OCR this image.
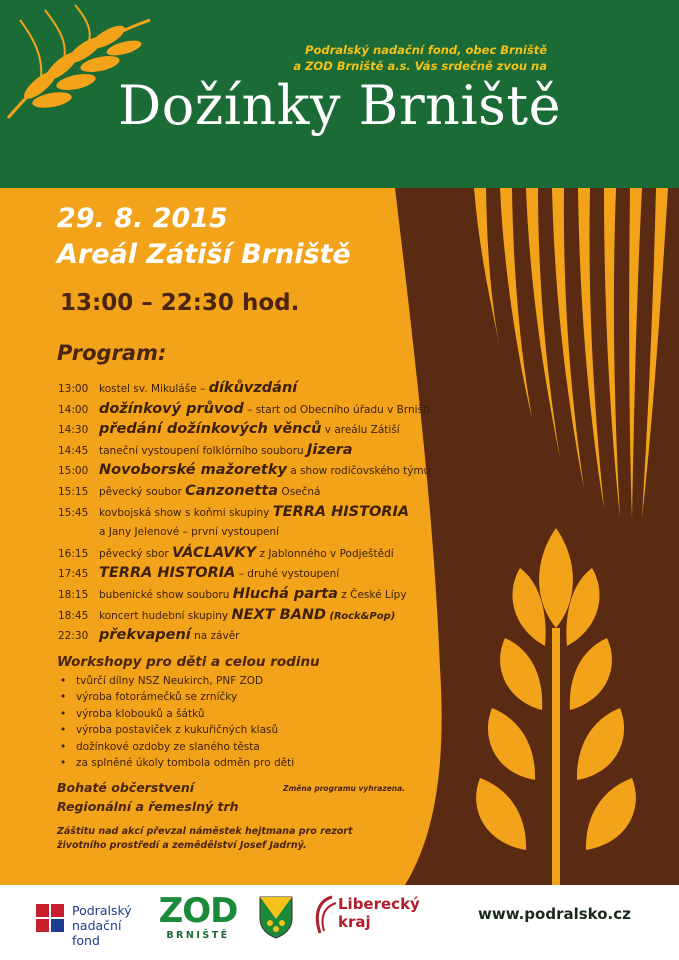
Podralský nadační fond, obec Brniště
a ZOD Brniště a.s. Vás srdečně zvou na
Dožínky Brniště
29. 8. 2015
Areál Zátiší Brniště
13:00 – 22:30 hod.
Program:
13:00 kostel sv. Mikuláše – díkůvzdání
14:00 dožínkový průvod – start od Obecního úřadu v Brništi
14:30 předání dožínkových věnců v areálu Zátiší
14:45 taneční vystoupení folklórního souboru Jizera
15:00 Novoborské mažoretky a show rodičovského týmu
15:15 pěvecký soubor Canzonetta Osečná
15:45 kovbojská show s koňmi skupiny TERRA HISTORIA
a Jany Jelenové – první vystoupení
16:15 pěvecký sbor VÁCLAVKY z Jablonného v Podještědí
17:45 TERRA HISTORIA – druhé vystoupení
18:15 bubenické show souboru Hluchá parta z České Lípy
18:45 koncert hudební skupiny NEXT BAND (Rock&Pop)
22:30 překvapení na závěr
Workshopy pro děti a celou rodinu
• tvůrčí dílny NSZ Neukirch, PNF ZOD
• výroba fotorámečků se zrníčky
• výroba klobouků a šátků
• výroba postaviček z kukuřičných klasů
• dožínkové ozdoby ze slaného těsta
• za splněné úkoly tombola odměn pro děti
Bohaté občerstvení
Regionální a řemeslný trh
Změna programu vyhrazena.
Záštitu nad akcí převzal náměstek hejtmana pro rezort životního prostředí a zemědělství Josef Jadrný.
Podralský
nadační fond
ZOD
BRNIŠTĚ
Liberecký
kraj	www.podralsko.cz
